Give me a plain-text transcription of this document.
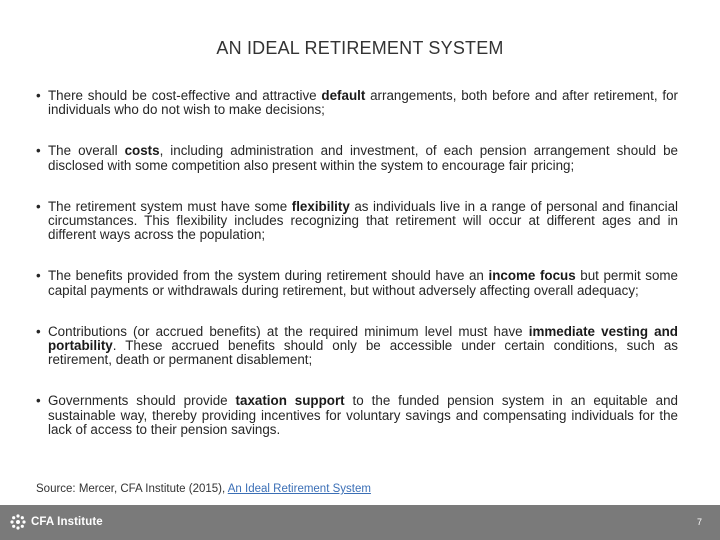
AN IDEAL RETIREMENT SYSTEM
• There should be cost-effective and attractive default arrangements, both before and after retirement, for individuals who do not wish to make decisions;
• The overall costs, including administration and investment, of each pension arrangement should be disclosed with some competition also present within the system to encourage fair pricing;
• The retirement system must have some flexibility as individuals live in a range of personal and financial circumstances. This flexibility includes recognizing that retirement will occur at different ages and in different ways across the population;
• The benefits provided from the system during retirement should have an income focus but permit some capital payments or withdrawals during retirement, but without adversely affecting overall adequacy;
• Contributions (or accrued benefits) at the required minimum level must have immediate vesting and portability. These accrued benefits should only be accessible under certain conditions, such as retirement, death or permanent disablement;
• Governments should provide taxation support to the funded pension system in an equitable and sustainable way, thereby providing incentives for voluntary savings and compensating individuals for the lack of access to their pension savings.
Source: Mercer, CFA Institute (2015), An Ideal Retirement System
CFA Institute	7
